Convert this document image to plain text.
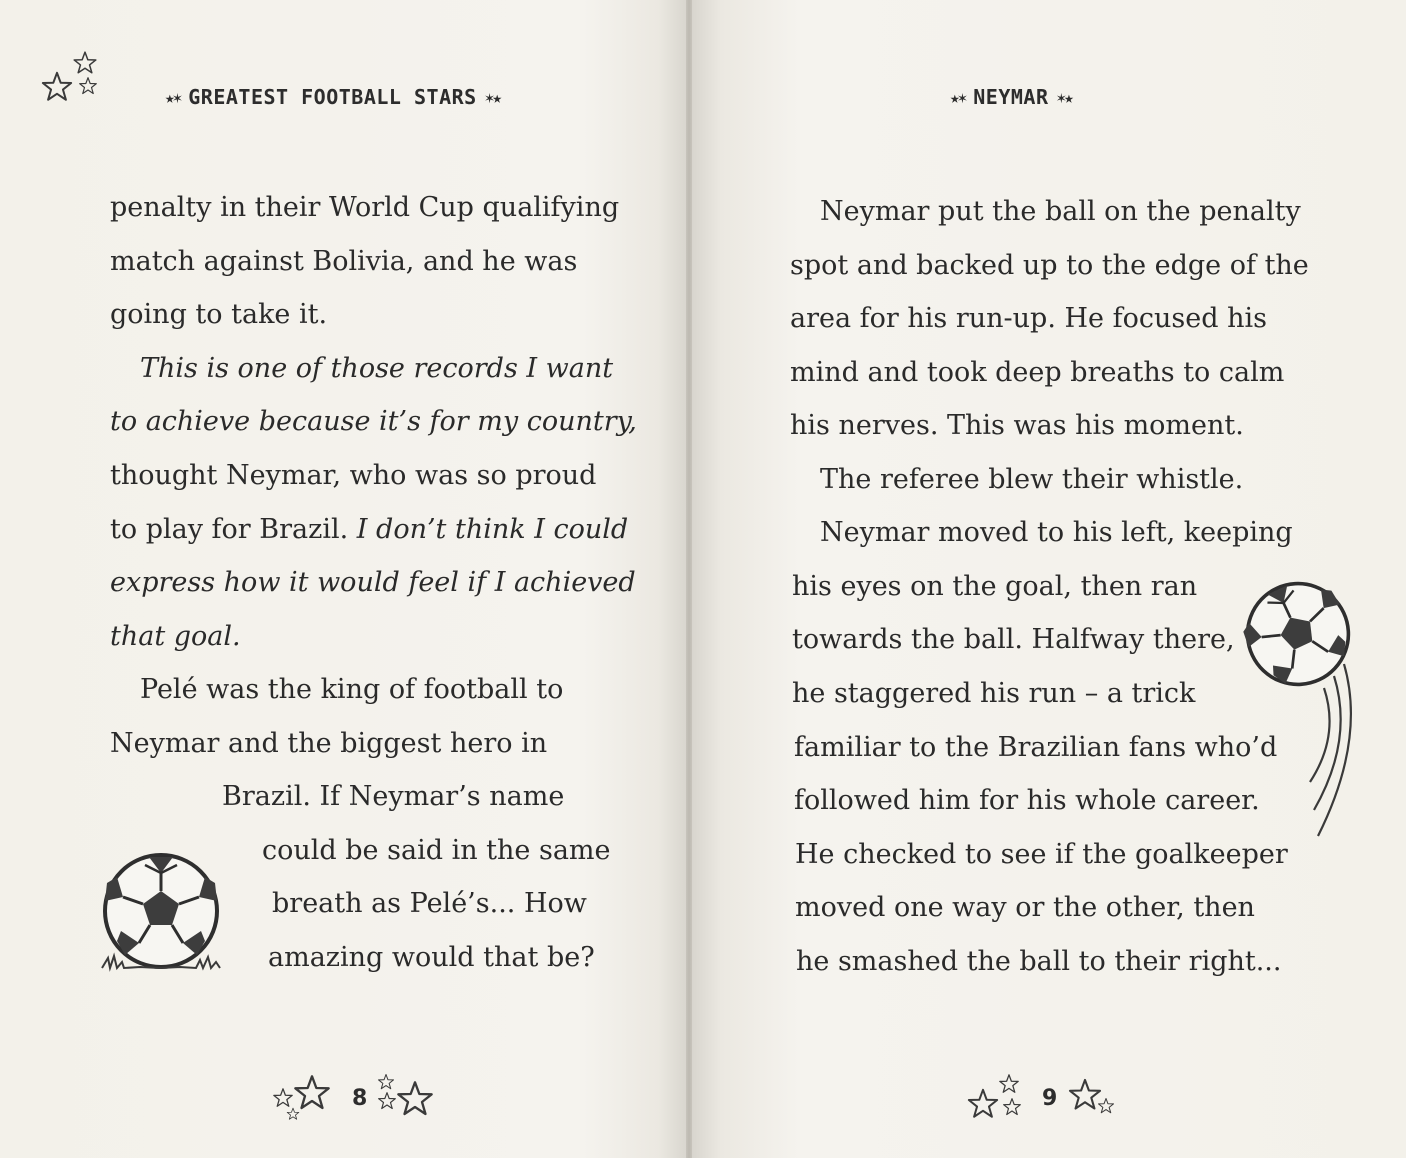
★✶ GREATEST FOOTBALL STARS ✶★
penalty in their World Cup qualifying
match against Bolivia, and he was
going to take it.
This is one of those records I want
to achieve because it’s for my country,
thought Neymar, who was so proud
to play for Brazil. I don’t think I could
express how it would feel if I achieved
that goal.
Pelé was the king of football to
Neymar and the biggest hero in
Brazil. If Neymar’s name
could be said in the same
breath as Pelé’s... How
amazing would that be?
8
★✶ NEYMAR ✶★
Neymar put the ball on the penalty
spot and backed up to the edge of the
area for his run-up. He focused his
mind and took deep breaths to calm
his nerves. This was his moment.
The referee blew their whistle.
Neymar moved to his left, keeping
his eyes on the goal, then ran
towards the ball. Halfway there,
he staggered his run – a trick
familiar to the Brazilian fans who’d
followed him for his whole career.
He checked to see if the goalkeeper
moved one way or the other, then
he smashed the ball to their right...
9
